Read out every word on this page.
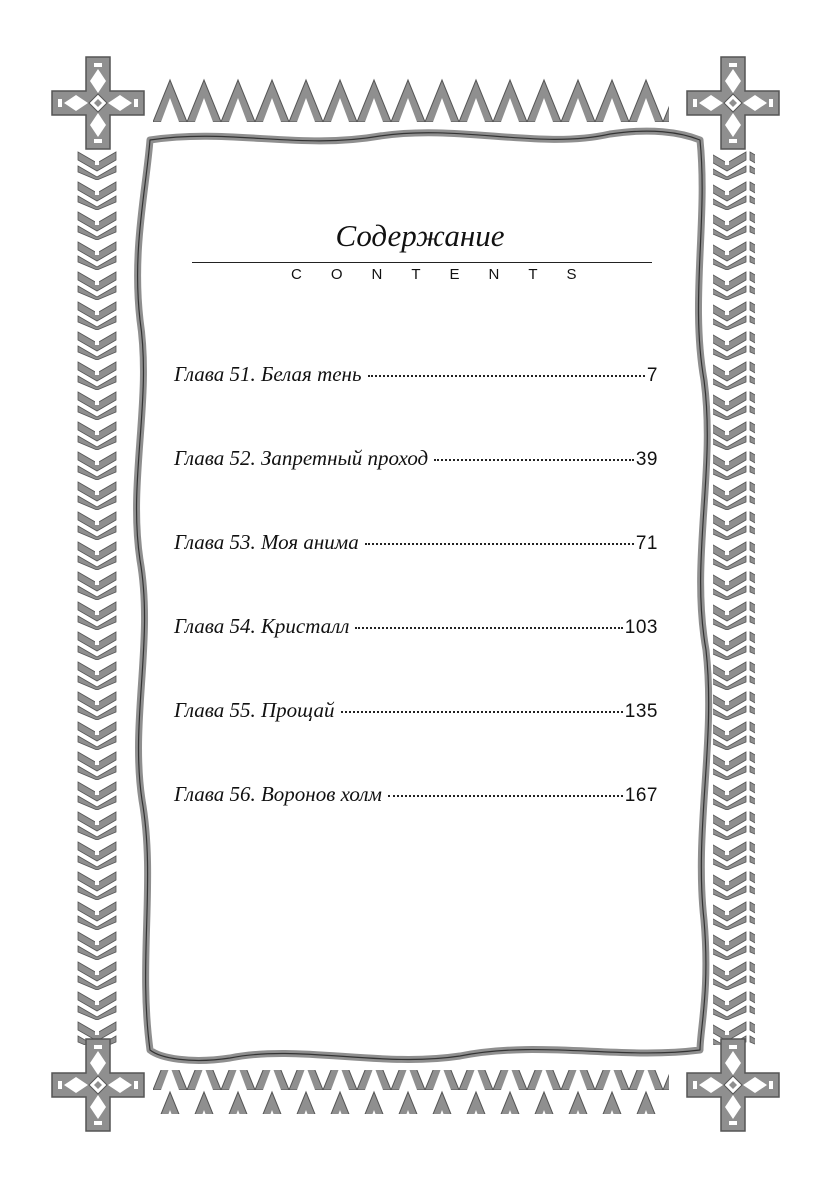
Содержание
CONTENTS
Глава 51. Белая тень	7
Глава 52. Запретный проход	39
Глава 53. Моя анима	71
Глава 54. Кристалл	103
Глава 55. Прощай	135
Глава 56. Воронов холм	167
